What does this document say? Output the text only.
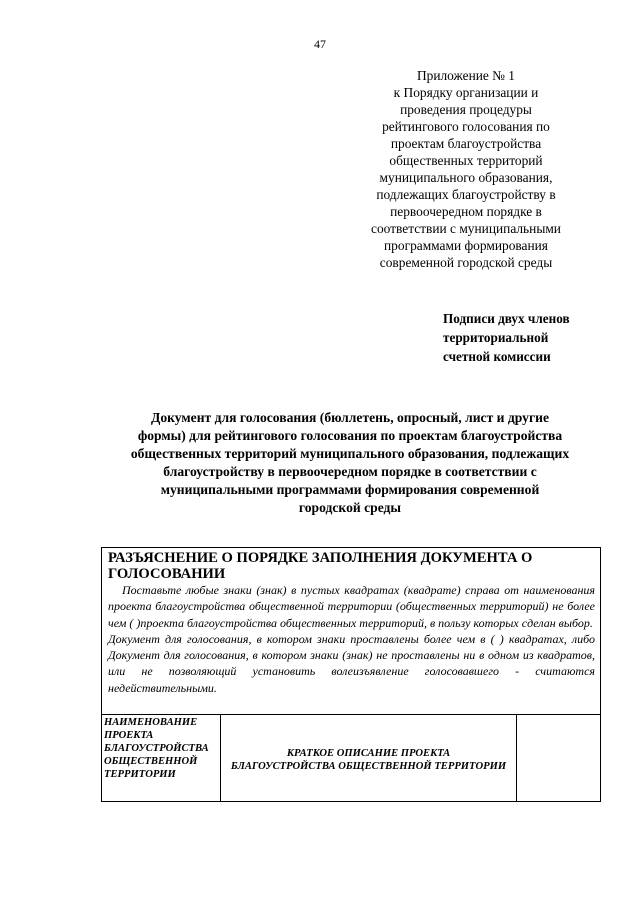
47
Приложение № 1
к Порядку организации и
проведения процедуры
рейтингового голосования по
проектам благоустройства
общественных территорий
муниципального образования,
подлежащих благоустройству в
первоочередном порядке в
соответствии с муниципальными
программами формирования
современной городской среды
Подписи двух членов
территориальной
счетной комиссии
Документ для голосования (бюллетень, опросный, лист и другие
формы) для рейтингового голосования по проектам благоустройства
общественных территорий муниципального образования, подлежащих
благоустройству в первоочередном порядке в соответствии с
муниципальными программами формирования современной
городской среды
РАЗЪЯСНЕНИЕ О ПОРЯДКЕ ЗАПОЛНЕНИЯ ДОКУМЕНТА О
ГОЛОСОВАНИИ

Поставьте любые знаки (знак) в пустых квадратах (квадрате) справа от наименования проекта благоустройства общественной территории (общественных территорий) не более чем ( )проекта благоустройства общественных территорий, в пользу которых сделан выбор.

Документ для голосования, в котором знаки проставлены более чем в ( ) квадратах, либо Документ для голосования, в котором знаки (знак) не проставлены ни в одном из квадратов, или не позволяющий установить волеизъявление голосовавшего - считаются недействительными.

НАИМЕНОВАНИЕ
ПРОЕКТА
БЛАГОУСТРОЙСТВА
ОБЩЕСТВЕННОЙ
ТЕРРИТОРИИ
КРАТКОЕ ОПИСАНИЕ ПРОЕКТА
БЛАГОУСТРОЙСТВА ОБЩЕСТВЕННОЙ ТЕРРИТОРИИ
